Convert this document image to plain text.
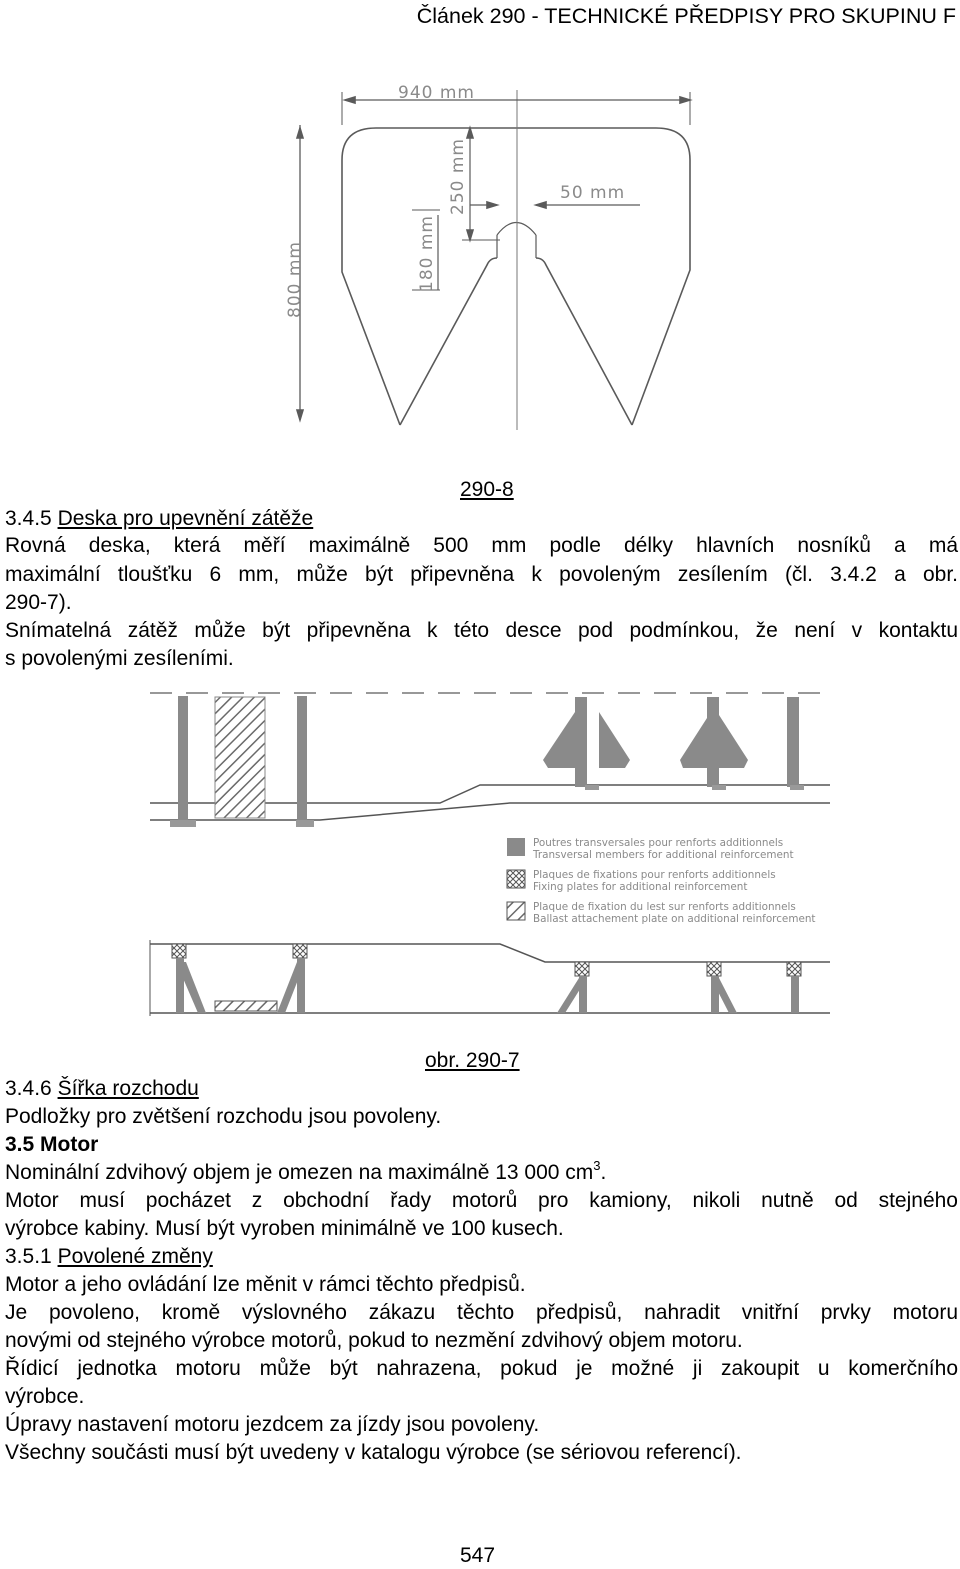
Článek 290 - TECHNICKÉ PŘEDPISY PRO SKUPINU F
940 mm
250 mm	50 mm
180 mm
800 mm
290-8
3.4.5 Deska pro upevnění zátěže
Rovná deska, která měří maximálně 500 mm podle délky hlavních nosníků a má
maximální tloušťku 6 mm, může být připevněna k povoleným zesílením (čl. 3.4.2 a obr.
290-7).
Snímatelná zátěž může být připevněna k této desce pod podmínkou, že není v kontaktu
s povolenými zesíleními.
Poutres transversales pour renforts additionnels
Transversal members for additional reinforcement
Plaques de fixations pour renforts additionnels
Fixing plates for additional reinforcement
Plaque de fixation du lest sur renforts additionnels
Ballast attachement plate on additional reinforcement
obr. 290-7
3.4.6 Šířka rozchodu
Podložky pro zvětšení rozchodu jsou povoleny.
3.5 Motor
Nominální zdvihový objem je omezen na maximálně 13 000 $cm^3$.
Motor musí pocházet z obchodní řady motorů pro kamiony, nikoli nutně od stejného
výrobce kabiny. Musí být vyroben minimálně ve 100 kusech.
3.5.1 Povolené změny
Motor a jeho ovládání lze měnit v rámci těchto předpisů.
Je povoleno, kromě výslovného zákazu těchto předpisů, nahradit vnitřní prvky motoru
novými od stejného výrobce motorů, pokud to nezmění zdvihový objem motoru.
Řídicí jednotka motoru může být nahrazena, pokud je možné ji zakoupit u komerčního
výrobce.
Úpravy nastavení motoru jezdcem za jízdy jsou povoleny.
Všechny součásti musí být uvedeny v katalogu výrobce (se sériovou referencí).
547
